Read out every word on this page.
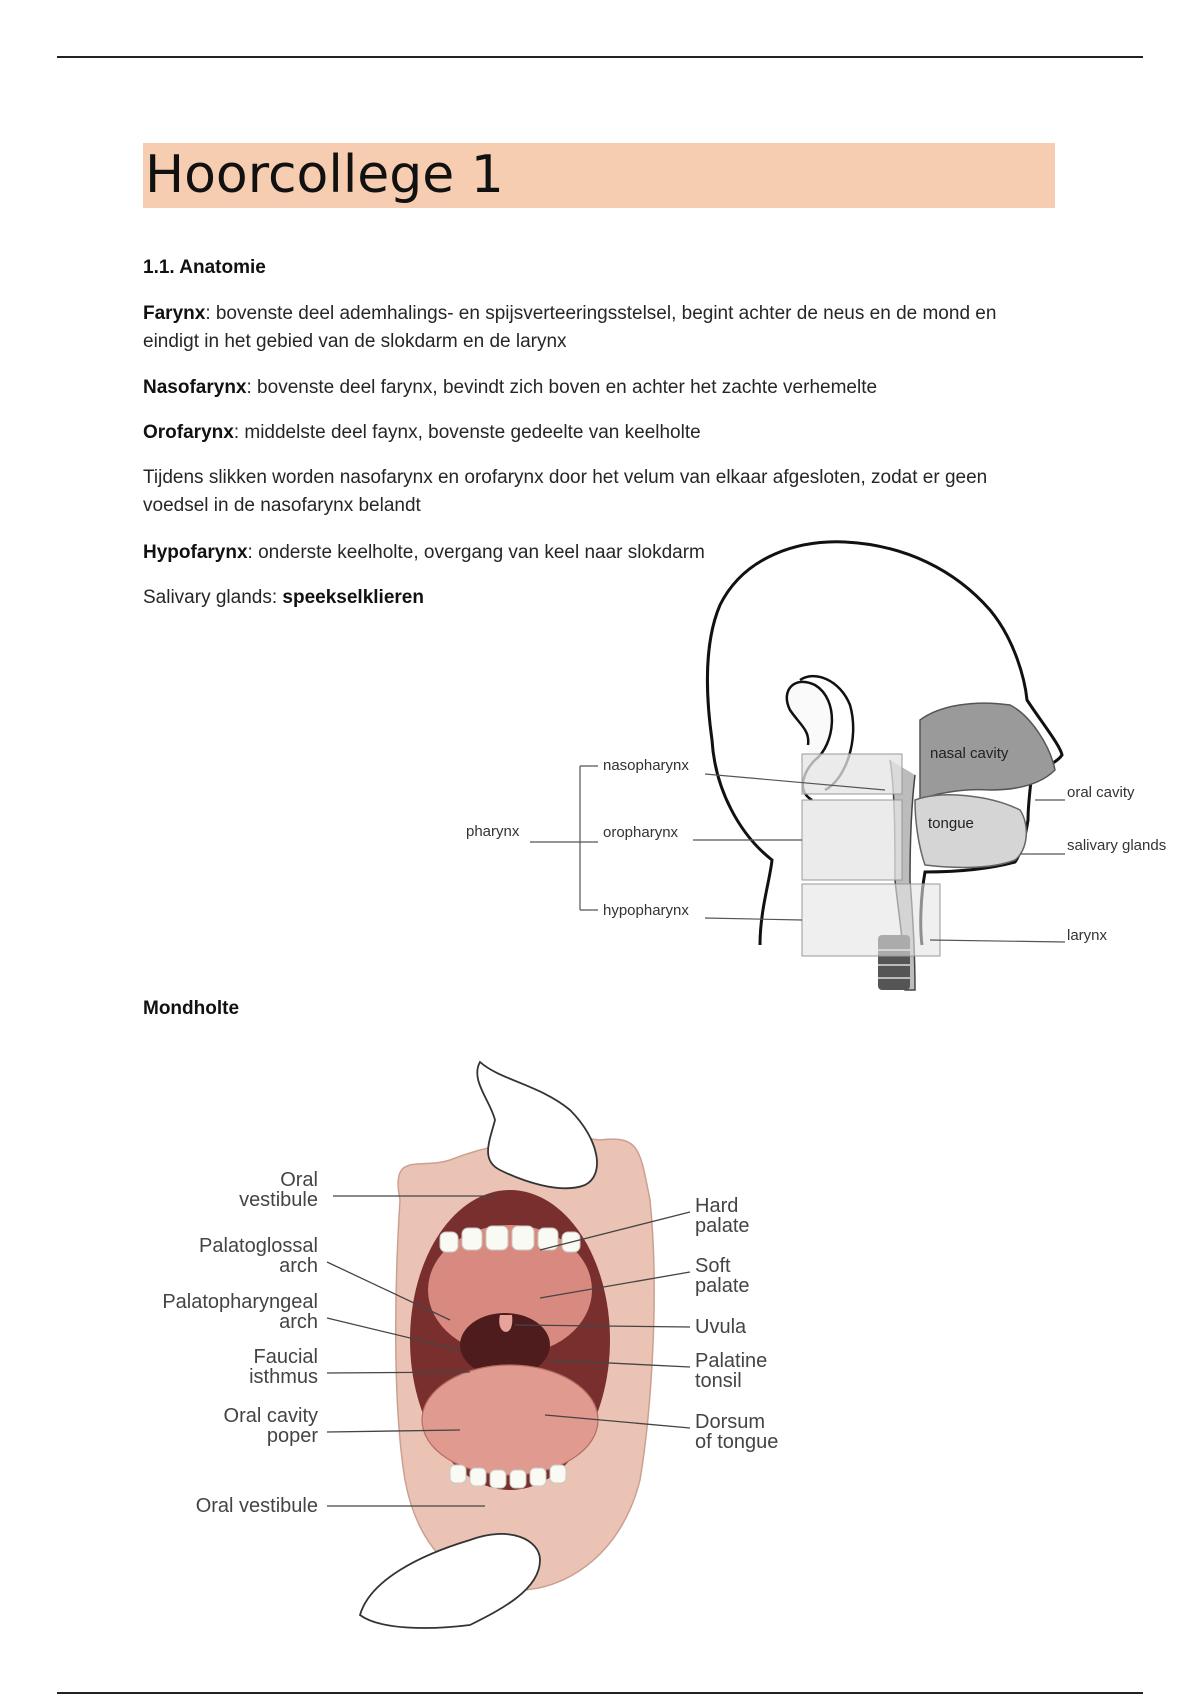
Hoorcollege 1
1.1. Anatomie
Farynx: bovenste deel ademhalings- en spijsverteeringsstelsel, begint achter de neus en de mond en eindigt in het gebied van de slokdarm en de larynx
Nasofarynx: bovenste deel farynx, bevindt zich boven en achter het zachte verhemelte
Orofarynx: middelste deel faynx, bovenste gedeelte van keelholte
Tijdens slikken worden nasofarynx en orofarynx door het velum van elkaar afgesloten, zodat er geen voedsel in de nasofarynx belandt
Hypofarynx: onderste keelholte, overgang van keel naar slokdarm
Salivary glands: speekselklieren
pharynx
nasopharynx
oropharynx
hypopharynx
nasal cavity
tongue
oral cavity
salivary glands
larynx
Mondholte
Oral vestibule
Palatoglossal arch
Palatopharyngeal arch
Faucial isthmus
Oral cavity poper
Oral vestibule
Hard palate
Soft palate
Uvula
Palatine tonsil
Dorsum of tongue
